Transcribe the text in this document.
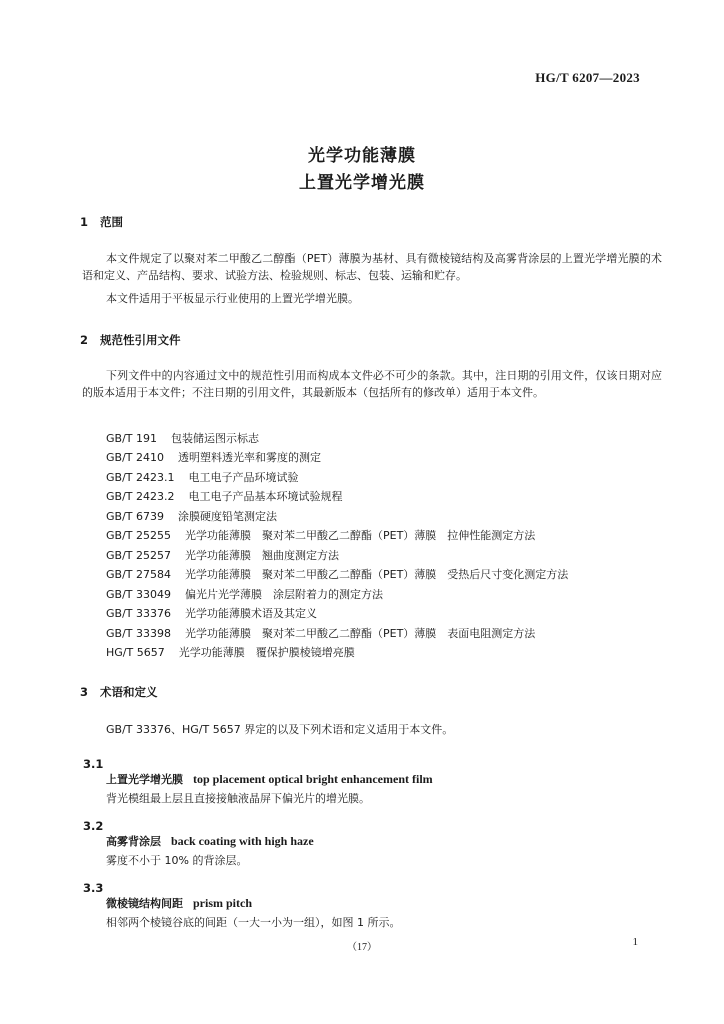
HG/T 6207—2023
光学功能薄膜
上置光学增光膜
1 范围
本文件规定了以聚对苯二甲酸乙二醇酯（PET）薄膜为基材、具有微棱镜结构及高雾背涂层的上置光学增光膜的术语和定义、产品结构、要求、试验方法、检验规则、标志、包装、运输和贮存。
本文件适用于平板显示行业使用的上置光学增光膜。
2 规范性引用文件
下列文件中的内容通过文中的规范性引用而构成本文件必不可少的条款。其中，注日期的引用文件，仅该日期对应的版本适用于本文件；不注日期的引用文件，其最新版本（包括所有的修改单）适用于本文件。
GB/T 191 包装储运图示标志
GB/T 2410 透明塑料透光率和雾度的测定
GB/T 2423.1 电工电子产品环境试验
GB/T 2423.2 电工电子产品基本环境试验规程
GB/T 6739 涂膜硬度铅笔测定法
GB/T 25255 光学功能薄膜　聚对苯二甲酸乙二醇酯（PET）薄膜　拉伸性能测定方法
GB/T 25257 光学功能薄膜　翘曲度测定方法
GB/T 27584 光学功能薄膜　聚对苯二甲酸乙二醇酯（PET）薄膜　受热后尺寸变化测定方法
GB/T 33049 偏光片光学薄膜　涂层附着力的测定方法
GB/T 33376 光学功能薄膜术语及其定义
GB/T 33398 光学功能薄膜　聚对苯二甲酸乙二醇酯（PET）薄膜　表面电阻测定方法
HG/T 5657 光学功能薄膜　覆保护膜棱镜增亮膜
3 术语和定义
GB/T 33376、HG/T 5657 界定的以及下列术语和定义适用于本文件。
3.1
上置光学增光膜 top placement optical bright enhancement film
背光模组最上层且直接接触液晶屏下偏光片的增光膜。
3.2
高雾背涂层 back coating with high haze
雾度不小于 10% 的背涂层。
3.3
微棱镜结构间距 prism pitch
相邻两个棱镜谷底的间距（一大一小为一组），如图 1 所示。
（17）	1
